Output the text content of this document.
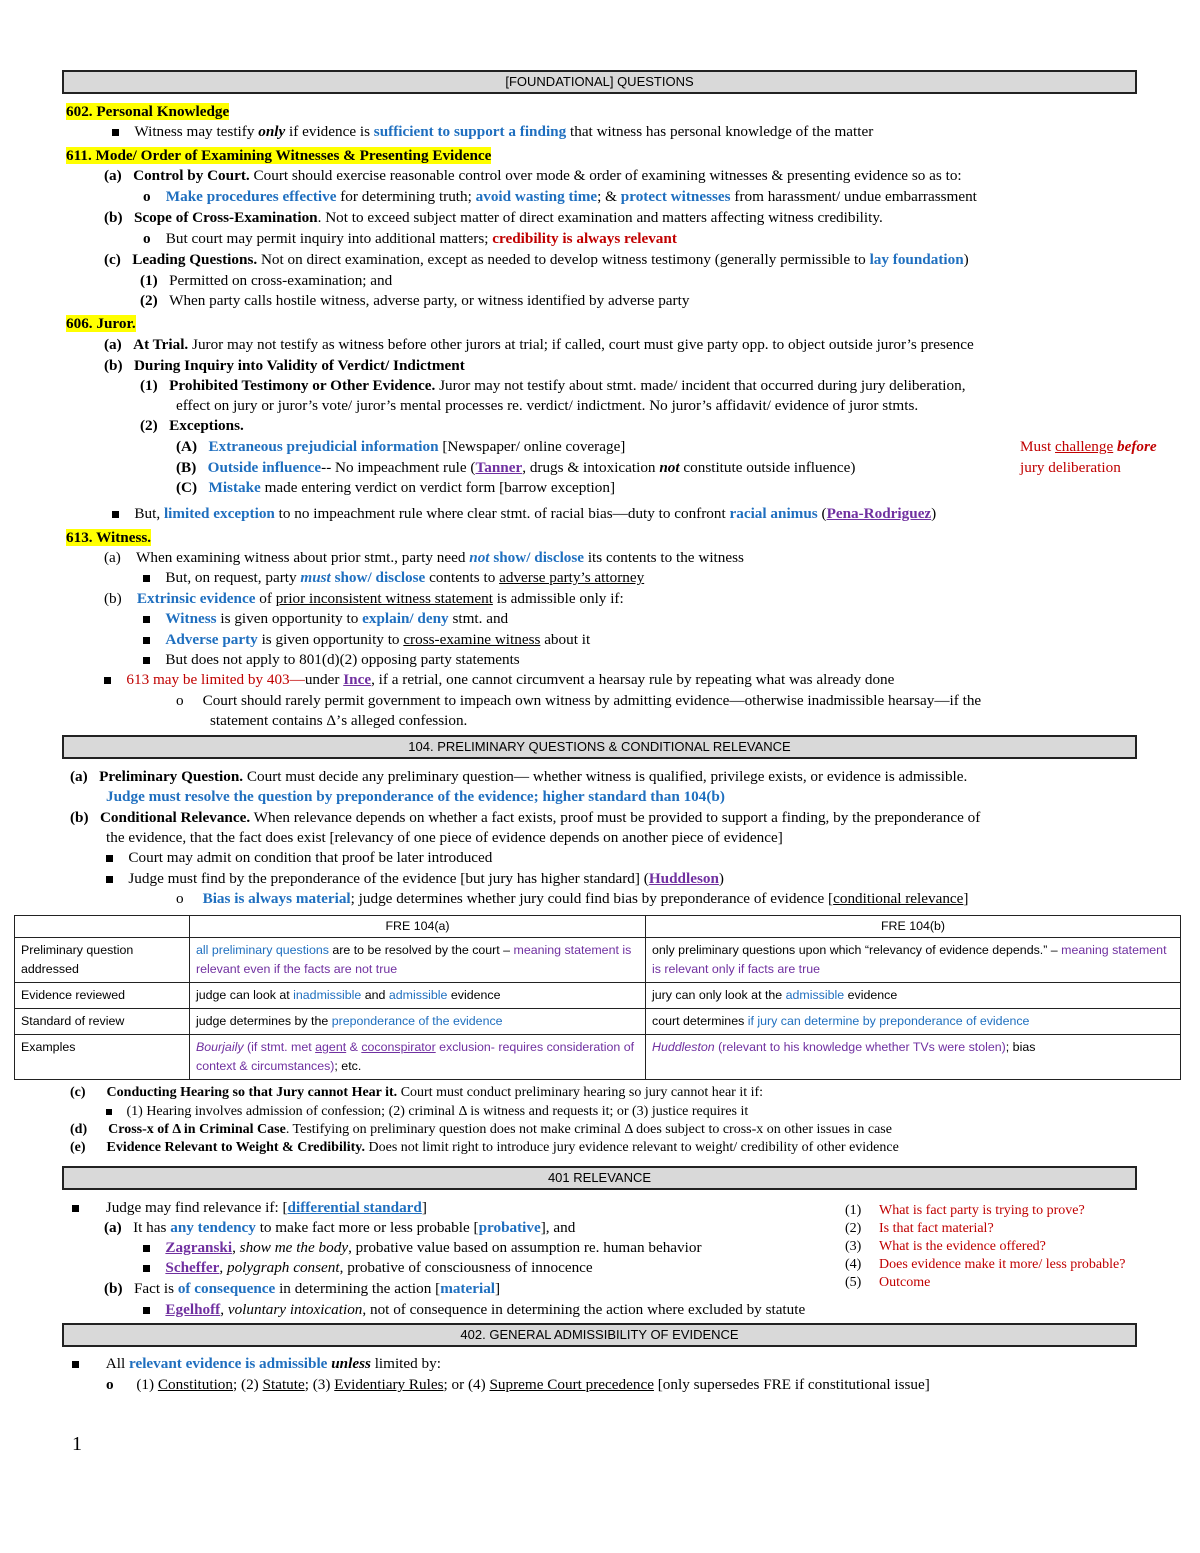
[FOUNDATIONAL] QUESTIONS
602. Personal Knowledge
Witness may testify only if evidence is sufficient to support a finding that witness has personal knowledge of the matter
611. Mode/ Order of Examining Witnesses & Presenting Evidence
(a) Control by Court. Court should exercise reasonable control over mode & order of examining witnesses & presenting evidence so as to:
o Make procedures effective for determining truth; avoid wasting time; & protect witnesses from harassment/ undue embarrassment
(b) Scope of Cross-Examination. Not to exceed subject matter of direct examination and matters affecting witness credibility.
o    But court may permit inquiry into additional matters; credibility is always relevant
(c) Leading Questions. Not on direct examination, except as needed to develop witness testimony (generally permissible to lay foundation)
(1)   Permitted on cross-examination; and
(2)   When party calls hostile witness, adverse party, or witness identified by adverse party
606. Juror.
(a) At Trial. Juror may not testify as witness before other jurors at trial; if called, court must give party opp. to object outside juror’s presence
(b) During Inquiry into Validity of Verdict/ Indictment
(1) Prohibited Testimony or Other Evidence. Juror may not testify about stmt. made/ incident that occurred during jury deliberation,
effect on jury or juror’s vote/ juror’s mental processes re. verdict/ indictment. No juror’s affidavit/ evidence of juror stmts.
(2) Exceptions.
(A) Extraneous prejudicial information [Newspaper/ online coverage]
(B) Outside influence-- No impeachment rule (Tanner, drugs & intoxication not constitute outside influence)
(C) Mistake made entering verdict on verdict form [barrow exception]
Must challenge before
jury deliberation
But, limited exception to no impeachment rule where clear stmt. of racial bias—duty to confront racial animus (Pena-Rodriguez)
613. Witness.
(a)    When examining witness about prior stmt., party need not show/ disclose its contents to the witness
But, on request, party must show/ disclose contents to adverse party’s attorney
(b)    Extrinsic evidence of prior inconsistent witness statement is admissible only if:
Witness is given opportunity to explain/ deny stmt. and
Adverse party is given opportunity to cross-examine witness about it
But does not apply to 801(d)(2) opposing party statements
613 may be limited by 403—under Ince, if a retrial, one cannot circumvent a hearsay rule by repeating what was already done
o     Court should rarely permit government to impeach own witness by admitting evidence—otherwise inadmissible hearsay—if the
statement contains Δ’s alleged confession.
104. PRELIMINARY QUESTIONS & CONDITIONAL RELEVANCE
(a) Preliminary Question. Court must decide any preliminary question— whether witness is qualified, privilege exists, or evidence is admissible.
Judge must resolve the question by preponderance of the evidence; higher standard than 104(b)
(b) Conditional Relevance. When relevance depends on whether a fact exists, proof must be provided to support a finding, by the preponderance of
the evidence, that the fact does exist [relevancy of one piece of evidence depends on another piece of evidence]
Court may admit on condition that proof be later introduced
Judge must find by the preponderance of the evidence [but jury has higher standard] (Huddleson)
o     Bias is always material; judge determines whether jury could find bias by preponderance of evidence [conditional relevance]
	FRE 104(a)	FRE 104(b)
Preliminary question addressed	all preliminary questions are to be resolved by the court – meaning statement is relevant even if the facts are not true	only preliminary questions upon which “relevancy of evidence depends.” – meaning statement is relevant only if facts are true
Evidence reviewed	judge can look at inadmissible and admissible evidence	jury can only look at the admissible evidence
Standard of review	judge determines by the preponderance of the evidence	court determines if jury can determine by preponderance of evidence
Examples	Bourjaily (if stmt. met agent & coconspirator exclusion- requires consideration of context & circumstances); etc.	Huddleston (relevant to his knowledge whether TVs were stolen); bias
(c) Conducting Hearing so that Jury cannot Hear it. Court must conduct preliminary hearing so jury cannot hear it if:
(1) Hearing involves admission of confession; (2) criminal Δ is witness and requests it; or (3) justice requires it
(d) Cross-x of Δ in Criminal Case. Testifying on preliminary question does not make criminal Δ does subject to cross-x on other issues in case
(e) Evidence Relevant to Weight & Credibility. Does not limit right to introduce jury evidence relevant to weight/ credibility of other evidence
401 RELEVANCE
Judge may find relevance if: [differential standard]
(a)   It has any tendency to make fact more or less probable [probative], and
Zagranski, show me the body, probative value based on assumption re. human behavior
Scheffer, polygraph consent, probative of consciousness of innocence
(b)   Fact is of consequence in determining the action [material]
Egelhoff, voluntary intoxication, not of consequence in determining the action where excluded by statute
(1) What is fact party is trying to prove?
(2) Is that fact material?
(3) What is the evidence offered?
(4) Does evidence make it more/ less probable?
(5) Outcome
402. GENERAL ADMISSIBILITY OF EVIDENCE
All relevant evidence is admissible unless limited by:
o      (1) Constitution; (2) Statute; (3) Evidentiary Rules; or (4) Supreme Court precedence [only supersedes FRE if constitutional issue]
1
